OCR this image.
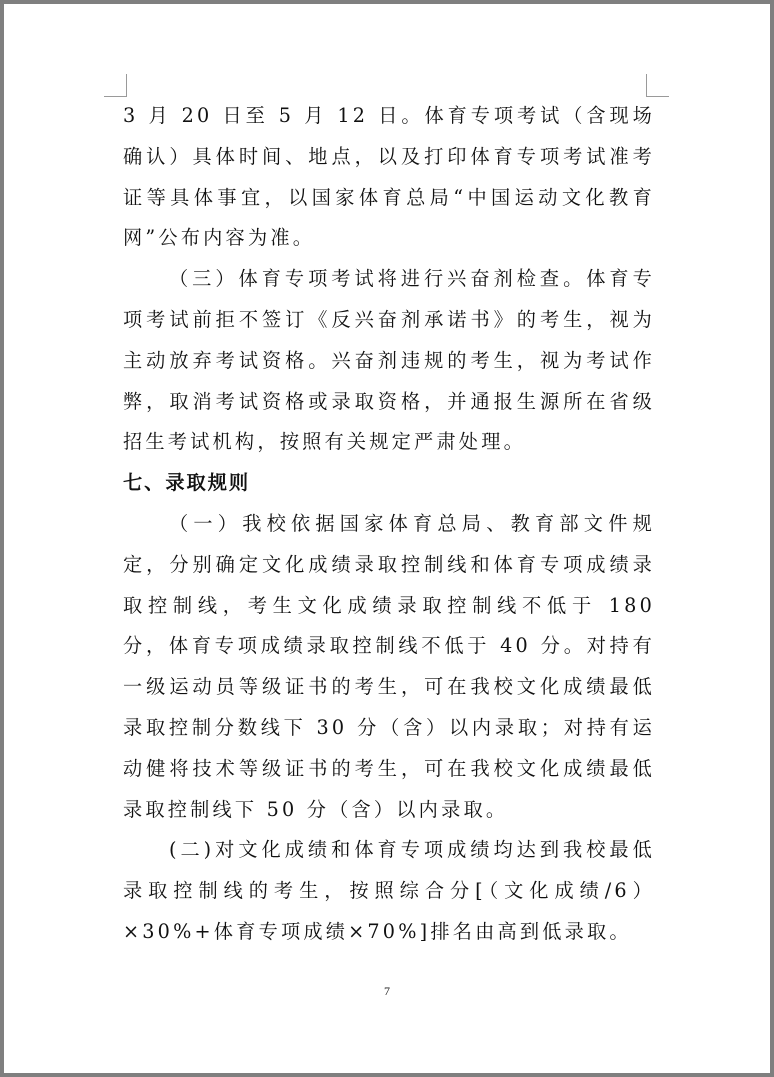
3 月 20 日至 5 月 12 日。体育专项考试（含现场确认）具体时间、地点，以及打印体育专项考试准考证等具体事宜，以国家体育总局“中国运动文化教育网”公布内容为准。

（三）体育专项考试将进行兴奋剂检查。体育专项考试前拒不签订《反兴奋剂承诺书》的考生，视为主动放弃考试资格。兴奋剂违规的考生，视为考试作弊，取消考试资格或录取资格，并通报生源所在省级招生考试机构，按照有关规定严肃处理。

七、录取规则

（一）我校依据国家体育总局、教育部文件规定，分别确定文化成绩录取控制线和体育专项成绩录取控制线，考生文化成绩录取控制线不低于 180 分，体育专项成绩录取控制线不低于 40 分。对持有一级运动员等级证书的考生，可在我校文化成绩最低录取控制分数线下 30 分（含）以内录取；对持有运动健将技术等级证书的考生，可在我校文化成绩最低录取控制线下 50 分（含）以内录取。

(二)对文化成绩和体育专项成绩均达到我校最低录取控制线的考生，按照综合分[（文化成绩/6）×30%+体育专项成绩×70%]排名由高到低录取。

7
